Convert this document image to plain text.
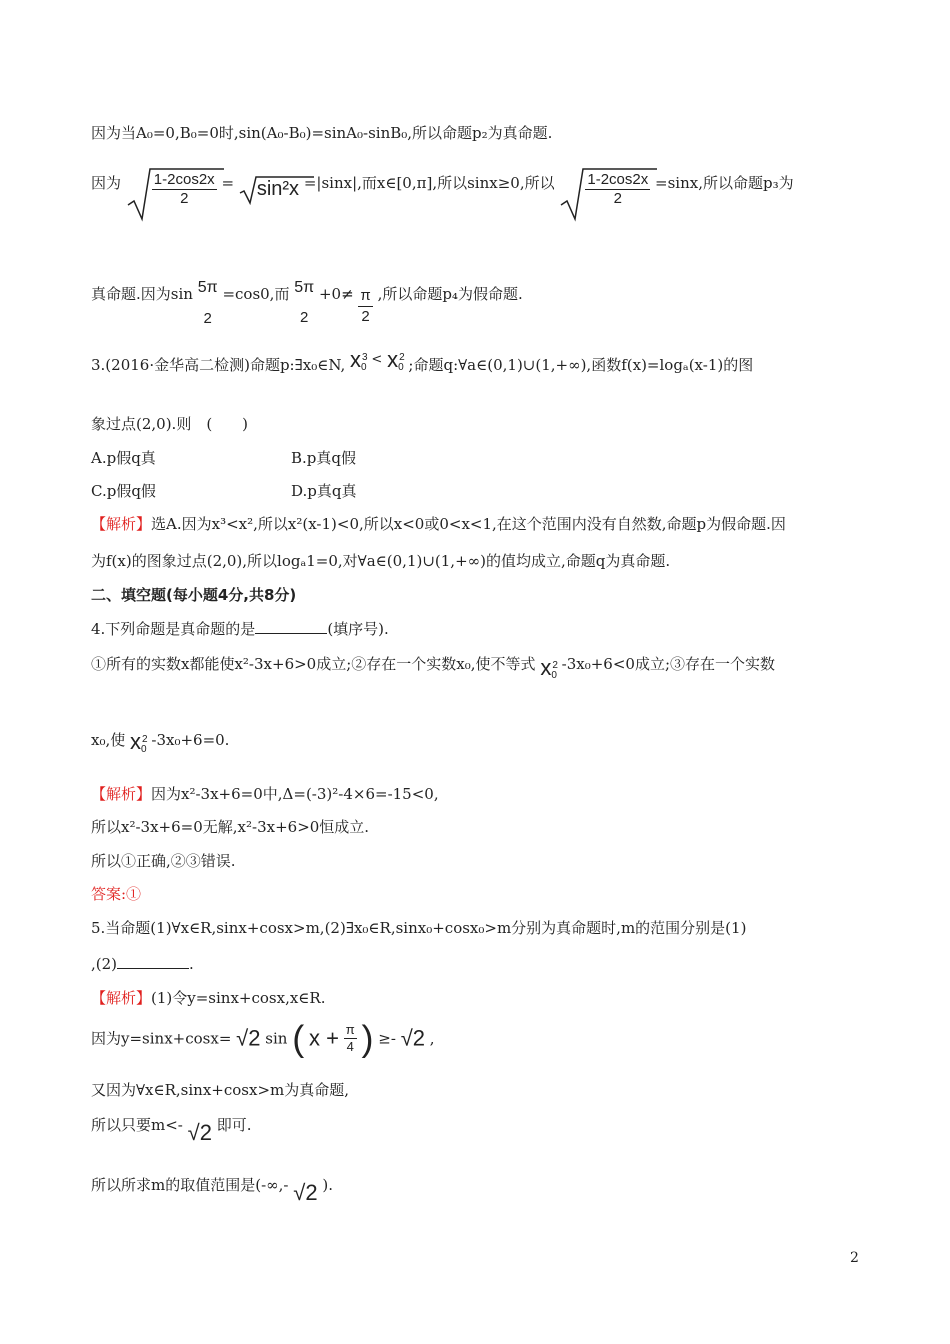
因为当A₀=0,B₀=0时,sin(A₀-B₀)=sinA₀-sinB₀,所以命题p₂为真命题.
因为 $\frac{1-2\cos 2x}{2} = \sin^2x =|\sin x|$,而x∈[0,π],所以sinx≥0,所以 $\frac{1-2\cos 2x}{2} =\sin x$,所以命题p₃为
真命题.因为sin 5π
2
=cos0,而 5π
2
$+0\ne \frac{\pi}{2}$ ,所以命题p₄为假命题.
3.(2016·金华高二检测)命题p:∃x₀∈N, $x_0$
$3 < x_0$
2 ;命题q:∀a∈(0,1)∪(1,+∞),函数f(x)=logₐ(x-1)的图
象过点(2,0).则　(　　)
A.p假q真	B.p真q假
C.p假q假	D.p真q真
【解析】选A.因为x³<x²,所以x²(x-1)<0,所以x<0或0<x<1,在这个范围内没有自然数,命题p为假命题.因
为f(x)的图象过点(2,0),所以logₐ1=0,对∀a∈(0,1)∪(1,+∞)的值均成立,命题q为真命题.
二、填空题(每小题4分,共8分)
4.下列命题是真命题的是	(填序号).
①所有的实数x都能使x²-3x+6>0成立;②存在一个实数x₀,使不等式 $x_0$
2 -3x₀+6<0成立;③存在一个实数
x₀,使 $x_0$
2 -3x₀+6=0.
【解析】因为x²-3x+6=0中,Δ=(-3)²-4×6=-15<0,
所以x²-3x+6=0无解,x²-3x+6>0恒成立.
所以①正确,②③错误.
答案:①
5.当命题(1)∀x∈R,sinx+cosx>m,(2)∃x₀∈R,sinx₀+cosx₀>m分别为真命题时,m的范围分别是(1)
,(2)	.
【解析】(1)令y=sinx+cosx,x∈R.
因为y=sinx+cosx= √2 sin ( $x + \frac{\pi}{4}$ ) ≥- √2 ,
又因为∀x∈R,sinx+cosx>m为真命题,
所以只要m<- √2 即可.
所以所求m的取值范围是(-∞,- √2 ).
2
